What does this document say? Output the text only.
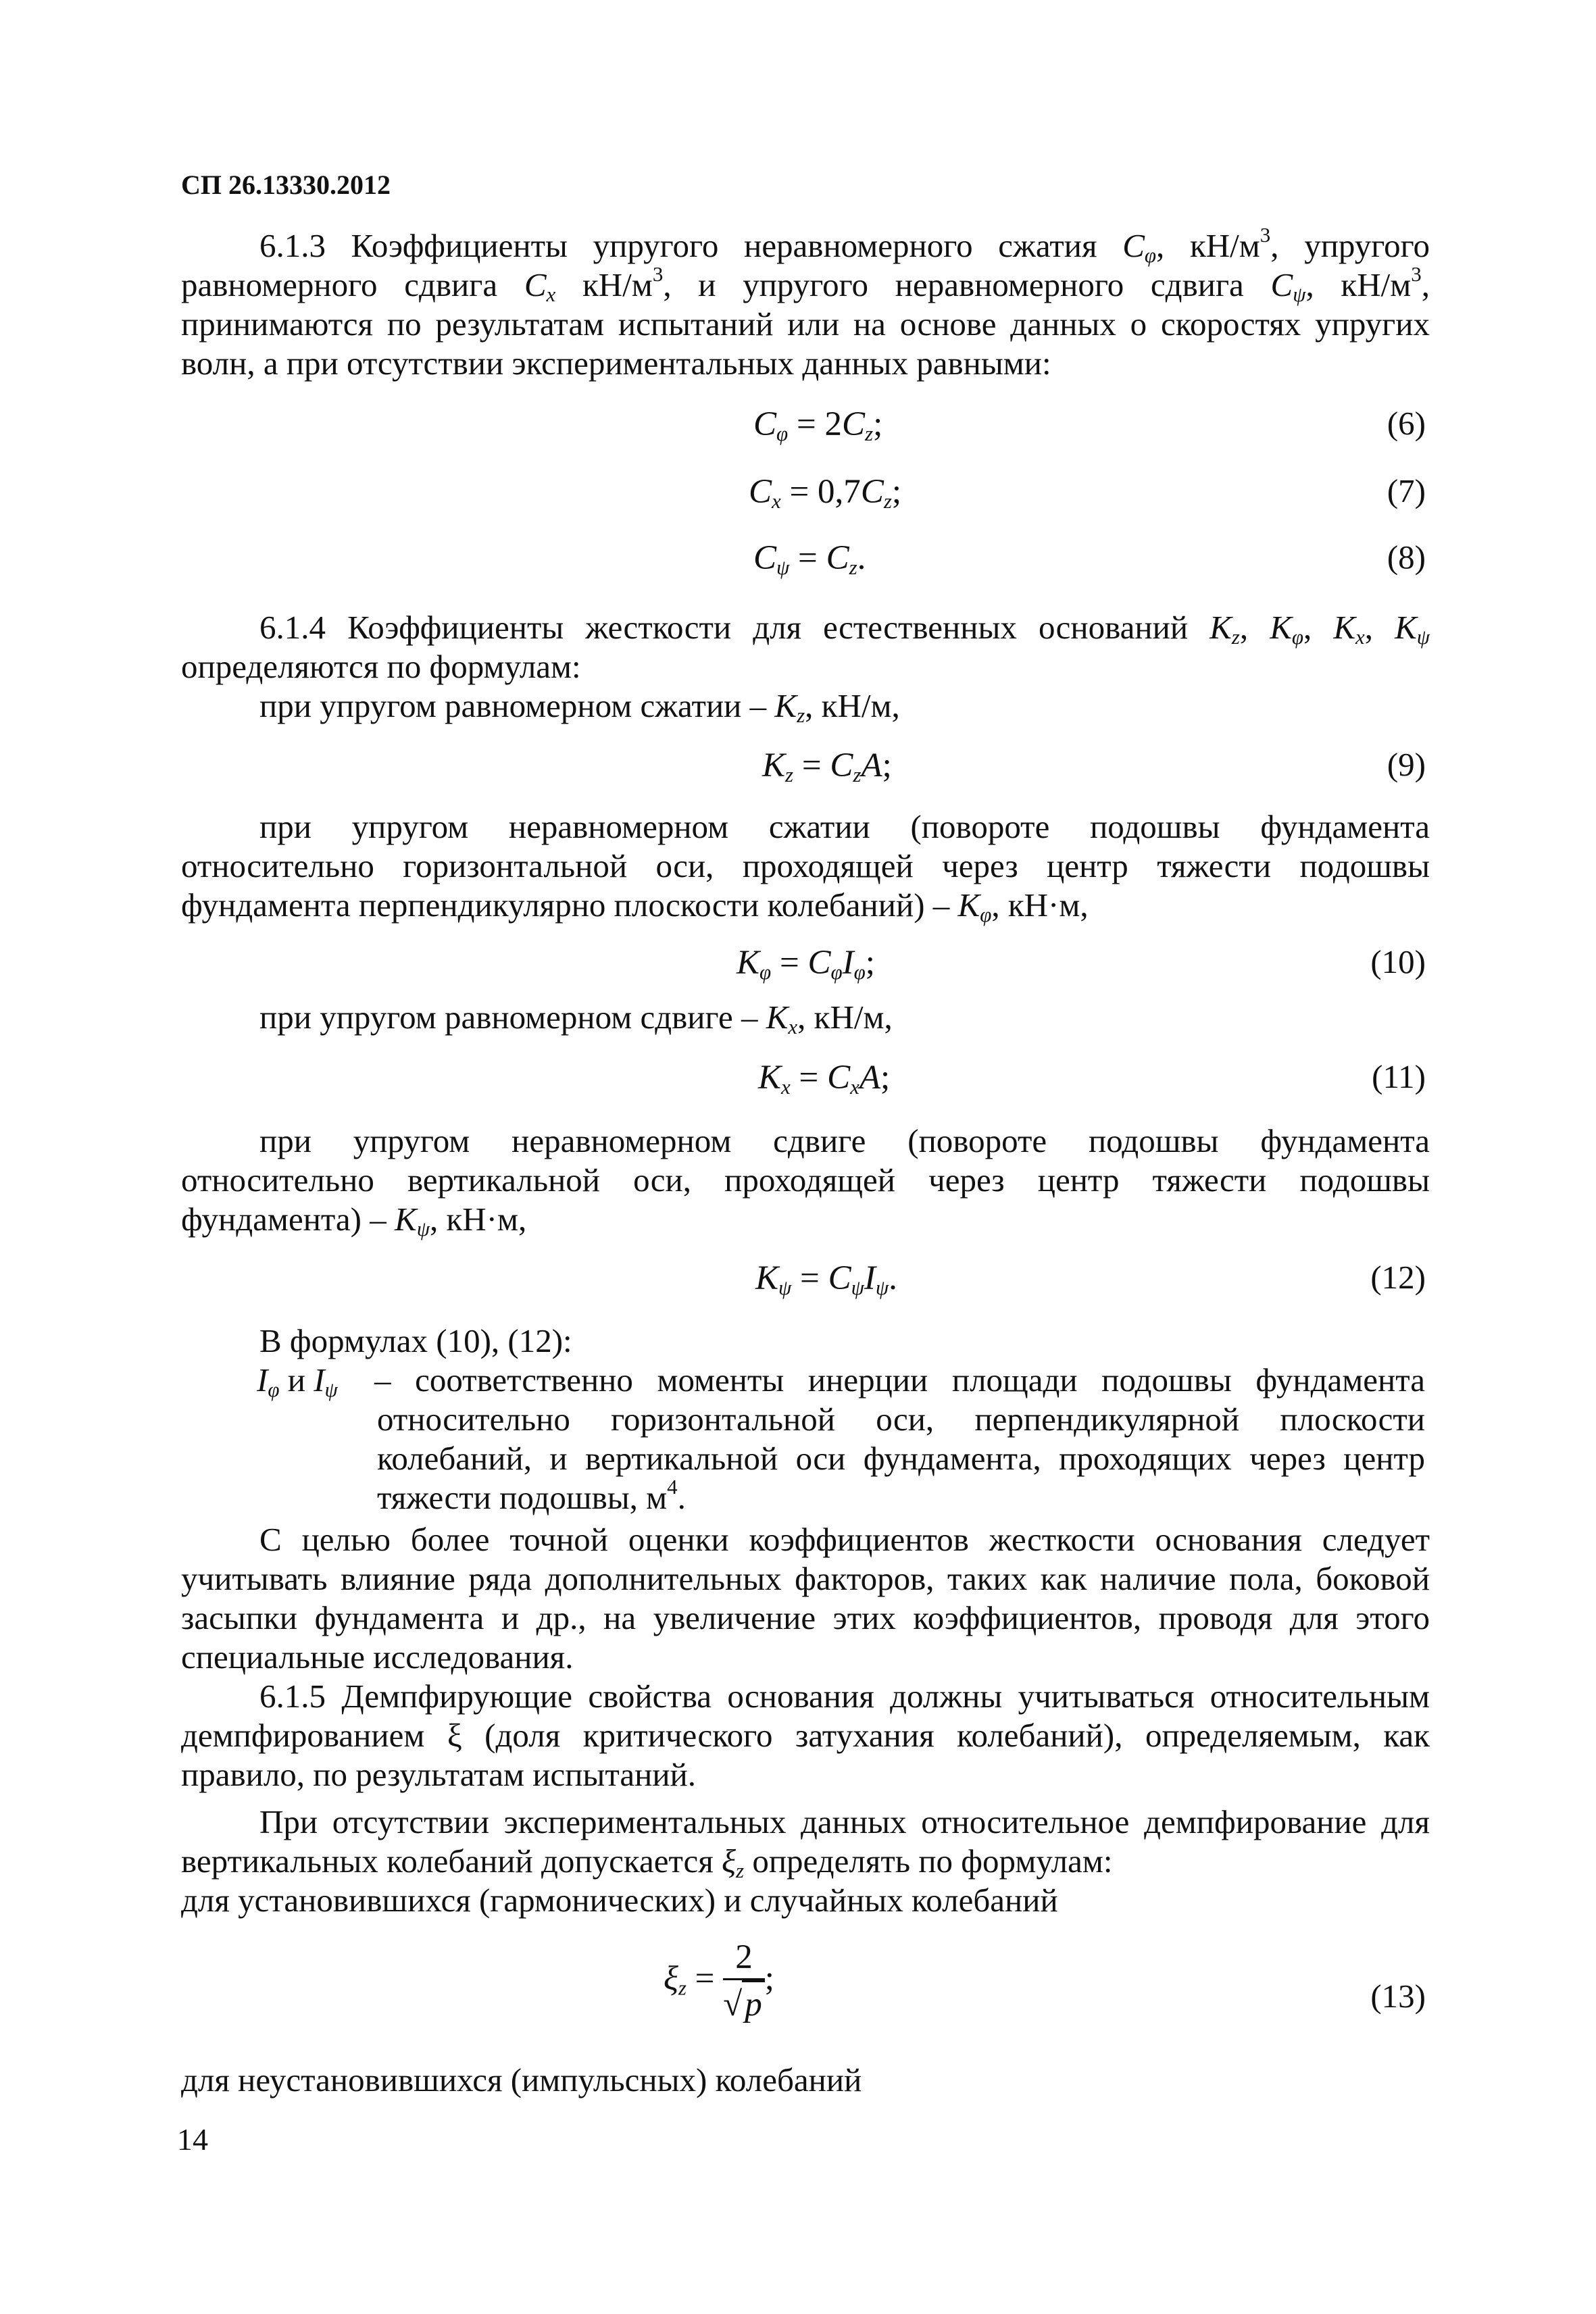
СП 26.13330.2012
6.1.3 Коэффициенты упругого неравномерного сжатия $C_\varphi$, $кН/м^3$, упругого
равномерного сдвига $C_x$ $кН/м^3$, и упругого неравномерного сдвига $C_\psi$, $кН/м^3$,
принимаются по результатам испытаний или на основе данных о скоростях упругих
волн, а при отсутствии экспериментальных данных равными:
$C_\varphi = 2C_z$;	(6)
$C_x = 0,7C_z$;	(7)
$C_\psi = C_z$.	(8)
6.1.4 Коэффициенты жесткости для естественных оснований $K_z$, $K_\varphi$, $K_x$, $K_\psi$
определяются по формулам:
при упругом равномерном сжатии – $K_z$, кН/м,
$K_z = C_zA$;	(9)
при упругом неравномерном сжатии (повороте подошвы фундамента
относительно горизонтальной оси, проходящей через центр тяжести подошвы
фундамента перпендикулярно плоскости колебаний) – $K_\varphi$, кН·м,
$K_\varphi = C_\varphi I_\varphi$;	(10)
при упругом равномерном сдвиге – $K_x$, кН/м,
$K_x = C_xA$;	(11)
при упругом неравномерном сдвиге (повороте подошвы фундамента
относительно вертикальной оси, проходящей через центр тяжести подошвы
фундамента) – $K_\psi$, кН·м,
$K_\psi = C_\psi I_\psi$.	(12)
В формулах (10), (12):
$I_\varphi$ и $I_\psi$ – соответственно моменты инерции площади подошвы фундамента
относительно горизонтальной оси, перпендикулярной плоскости
колебаний, и вертикальной оси фундамента, проходящих через центр
тяжести подошвы, $м^4$.
С целью более точной оценки коэффициентов жесткости основания следует
учитывать влияние ряда дополнительных факторов, таких как наличие пола, боковой
засыпки фундамента и др., на увеличение этих коэффициентов, проводя для этого
специальные исследования.
6.1.5 Демпфирующие свойства основания должны учитываться относительным
демпфированием ξ (доля критического затухания колебаний), определяемым, как
правило, по результатам испытаний.
При отсутствии экспериментальных данных относительное демпфирование для
вертикальных колебаний допускается $\xi_z$ определять по формулам:
для установившихся (гармонических) и случайных колебаний
$\xi_z = \frac{2}{√p}$ ;	(13)
для неустановившихся (импульсных) колебаний
14
